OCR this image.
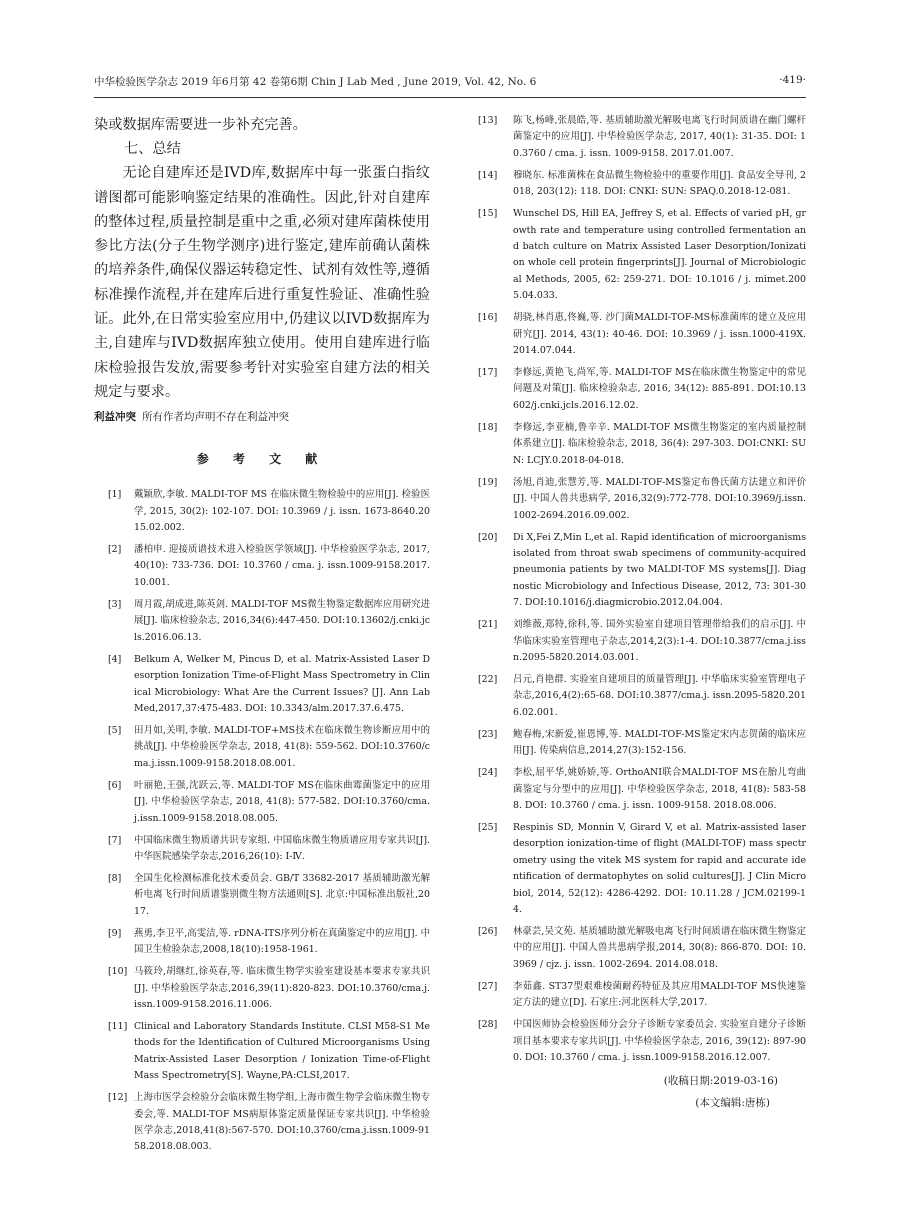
中华检验医学杂志 2019 年6月第 42 卷第6期 Chin J Lab Med , June 2019, Vol. 42, No. 6	·419·

染或数据库需要进一步补充完善。

七、总结

无论自建库还是IVD库,数据库中每一张蛋白指纹谱图都可能影响鉴定结果的准确性。因此,针对自建库的整体过程,质量控制是重中之重,必须对建库菌株使用参比方法(分子生物学测序)进行鉴定,建库前确认菌株的培养条件,确保仪器运转稳定性、试剂有效性等,遵循标准操作流程,并在建库后进行重复性验证、准确性验证。此外,在日常实验室应用中,仍建议以IVD数据库为主,自建库与IVD数据库独立使用。使用自建库进行临床检验报告发放,需要参考针对实验室自建方法的相关规定与要求。

利益冲突 所有作者均声明不存在利益冲突

参 考 文 献
[1]	戴颖欣,李敏. MALDI-TOF MS 在临床微生物检验中的应用[J]. 检验医学, 2015, 30(2): 102-107. DOI: 10.3969 / j. issn. 1673-8640.2015.02.002.
[2]	潘柏申. 迎接质谱技术进入检验医学领域[J]. 中华检验医学杂志, 2017, 40(10): 733-736. DOI: 10.3760 / cma. j. issn.1009-9158.2017.10.001.
[3]	周月霞,胡成进,陈英剑. MALDI-TOF MS微生物鉴定数据库应用研究进展[J]. 临床检验杂志, 2016,34(6):447-450. DOI:10.13602/j.cnki.jcls.2016.06.13.
[4]	Belkum A, Welker M, Pincus D, et al. Matrix-Assisted Laser Desorption Ionization Time-of-Flight Mass Spectrometry in Clinical Microbiology: What Are the Current Issues? [J]. Ann Lab Med,2017,37:475-483. DOI: 10.3343/alm.2017.37.6.475.
[5]	田月如,关明,李敏. MALDI-TOF+MS技术在临床微生物诊断应用中的挑战[J]. 中华检验医学杂志, 2018, 41(8): 559-562. DOI:10.3760/cma.j.issn.1009-9158.2018.08.001.
[6]	叶丽艳,王强,沈跃云,等. MALDI-TOF MS在临床曲霉菌鉴定中的应用[J]. 中华检验医学杂志, 2018, 41(8): 577-582. DOI:10.3760/cma.j.issn.1009-9158.2018.08.005.
[7]	中国临床微生物质谱共识专家组. 中国临床微生物质谱应用专家共识[J]. 中华医院感染学杂志,2016,26(10): Ⅰ-Ⅳ.
[8]	全国生化检测标准化技术委员会. GB/T 33682-2017 基质辅助激光解析电离飞行时间质谱鉴别微生物方法通则[S]. 北京:中国标准出版社,2017.
[9]	燕勇,李卫平,高雯洁,等. rDNA-ITS序列分析在真菌鉴定中的应用[J]. 中国卫生检验杂志,2008,18(10):1958-1961.
[10] 马筱玲,胡继红,徐英春,等. 临床微生物学实验室建设基本要求专家共识[J]. 中华检验医学杂志,2016,39(11):820-823. DOI:10.3760/cma.j.issn.1009-9158.2016.11.006.
[11] Clinical and Laboratory Standards Institute. CLSI M58-S1 Methods for the Identification of Cultured Microorganisms Using Matrix-Assisted Laser Desorption / Ionization Time-of-Flight Mass Spectrometry[S]. Wayne,PA:CLSI,2017.
[12] 上海市医学会检验分会临床微生物学组,上海市微生物学会临床微生物专委会,等. MALDI-TOF MS病原体鉴定质量保证专家共识[J]. 中华检验医学杂志,2018,41(8):567-570. DOI:10.3760/cma.j.issn.1009-9158.2018.08.003.
[13]	陈飞,杨峰,张晨皓,等. 基质辅助激光解吸电离飞行时间质谱在幽门螺杆菌鉴定中的应用[J]. 中华检验医学杂志, 2017, 40(1): 31-35. DOI: 10.3760 / cma. j. issn. 1009-9158. 2017.01.007.
[14]	穆晓东. 标准菌株在食品微生物检验中的重要作用[J]. 食品安全导刊, 2018, 203(12): 118. DOI: CNKI: SUN: SPAQ.0.2018-12-081.
[15]	Wunschel DS, Hill EA, Jeffrey S, et al. Effects of varied pH, growth rate and temperature using controlled fermentation and batch culture on Matrix Assisted Laser Desorption/Ionization whole cell protein fingerprints[J]. Journal of Microbiological Methods, 2005, 62: 259-271. DOI: 10.1016 / j. mimet.2005.04.033.
[16]	胡骁,林肖惠,佟巍,等. 沙门菌MALDI-TOF-MS标准菌库的建立及应用研究[J]. 2014, 43(1): 40-46. DOI: 10.3969 / j. issn.1000-419X.2014.07.044.
[17]	李修远,黄艳飞,尚军,等. MALDI-TOF MS在临床微生物鉴定中的常见问题及对策[J]. 临床检验杂志, 2016, 34(12): 885-891. DOI:10.13602/j.cnki.jcls.2016.12.02.
[18]	李修远,李亚楠,鲁辛辛. MALDI-TOF MS微生物鉴定的室内质量控制体系建立[J]. 临床检验杂志, 2018, 36(4): 297-303. DOI:CNKI: SUN: LCJY.0.2018-04-018.
[19]	汤旭,肖迪,张慧芳,等. MALDI-TOF-MS鉴定布鲁氏菌方法建立和评价[J]. 中国人兽共患病学, 2016,32(9):772-778. DOI:10.3969/j.issn.1002-2694.2016.09.002.
[20]	Di X,Fei Z,Min L,et al. Rapid identification of microorganisms isolated from throat swab specimens of community-acquired pneumonia patients by two MALDI-TOF MS systems[J]. Diagnostic Microbiology and Infectious Disease, 2012, 73: 301-307. DOI:10.1016/j.diagmicrobio.2012.04.004.
[21]	刘维薇,郑特,徐科,等. 国外实验室自建项目管理带给我们的启示[J]. 中华临床实验室管理电子杂志,2014,2(3):1-4. DOI:10.3877/cma.j.issn.2095-5820.2014.03.001.
[22]	吕元,肖艳群. 实验室自建项目的质量管理[J]. 中华临床实验室管理电子杂志,2016,4(2):65-68. DOI:10.3877/cma.j. issn.2095-5820.2016.02.001.
[23]	鲍春梅,宋新爱,崔恩博,等. MALDI-TOF-MS鉴定宋内志贺菌的临床应用[J]. 传染病信息,2014,27(3):152-156.
[24]	李松,屈平华,姚娇娇,等. OrthoANI联合MALDI-TOF MS在胎儿弯曲菌鉴定与分型中的应用[J]. 中华检验医学杂志, 2018, 41(8): 583-588. DOI: 10.3760 / cma. j. issn. 1009-9158. 2018.08.006.
[25]	Respinis SD, Monnin V, Girard V, et al. Matrix-assisted laser desorption ionization-time of flight (MALDI-TOF) mass spectrometry using the vitek MS system for rapid and accurate identification of dermatophytes on solid cultures[J]. J Clin Microbiol, 2014, 52(12): 4286-4292. DOI: 10.11.28 / JCM.02199-14.
[26]	林豪芸,吴文苑. 基质辅助激光解吸电离飞行时间质谱在临床微生物鉴定中的应用[J]. 中国人兽共患病学报,2014, 30(8): 866-870. DOI: 10.3969 / cjz. j. issn. 1002-2694. 2014.08.018.
[27]	李茹鑫. ST37型艰难梭菌耐药特征及其应用MALDI-TOF MS快速鉴定方法的建立[D]. 石家庄:河北医科大学,2017.
[28]	中国医师协会检验医师分会分子诊断专家委员会. 实验室自建分子诊断项目基本要求专家共识[J]. 中华检验医学杂志, 2016, 39(12): 897-900. DOI: 10.3760 / cma. j. issn.1009-9158.2016.12.007.

(收稿日期:2019-03-16)

(本文编辑:唐栋)
